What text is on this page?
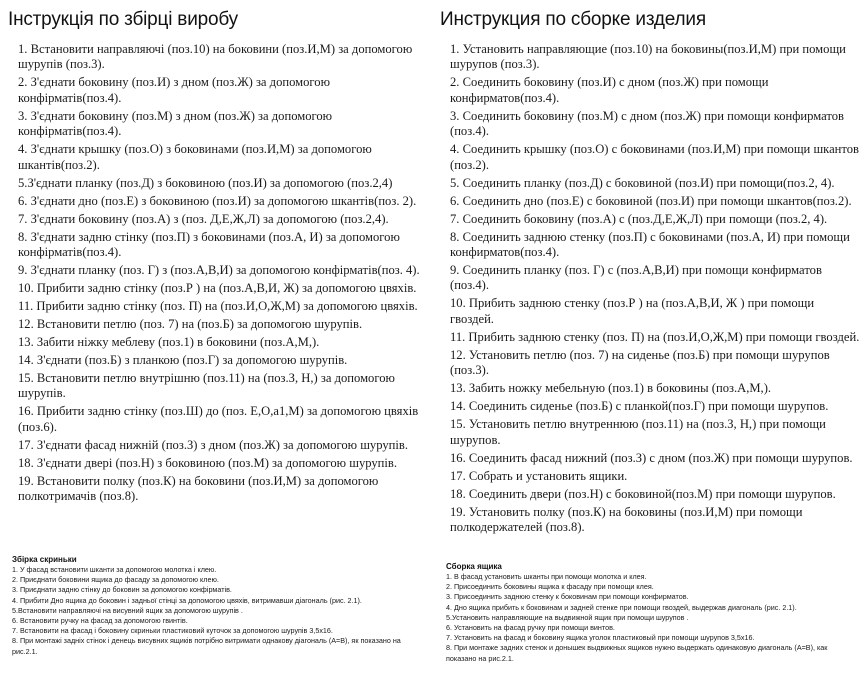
Інструкція по збірці виробу
1. Встановити направляючі (поз.10) на боковини (поз.И,М) за допомогою шурупів (поз.3).
2. З'єднати боковину (поз.И) з дном (поз.Ж) за допомогою конфірматів(поз.4).
3. З'єднати боковину (поз.М) з дном (поз.Ж) за допомогою конфірматів(поз.4).
4. З'єднати крышку (поз.О) з боковинами (поз.И,М) за допомогою шкантів(поз.2).
5.З'єднати планку (поз.Д) з боковиною (поз.И) за допомогою (поз.2,4)
6. З'єднати дно (поз.Е) з боковиною (поз.И) за допомогою шкантів(поз. 2).
7. З'єднати боковину (поз.А) з (поз. Д,Е,Ж,Л) за допомогою (поз.2,4).
8. З'єднати задню стінку (поз.П) з боковинами (поз.А, И) за допомогою конфірматів(поз.4).
9. З'єднати планку (поз. Г) з (поз.А,В,И) за допомогою конфірматів(поз. 4).
10. Прибити задню стінку (поз.Р ) на (поз.А,В,И, Ж) за допомогою цвяхів.
11. Прибити задню стінку (поз. П) на (поз.И,О,Ж,М) за допомогою цвяхів.
12. Встановити петлю (поз. 7) на (поз.Б) за допомогою шурупів.
13. Забити ніжку меблеву (поз.1) в боковини (поз.А,М,).
14. З'єднати (поз.Б) з планкою (поз.Г) за допомогою шурупів.
15. Встановити петлю внутрішню (поз.11) на (поз.З, Н,) за допомогою шурупів.
16. Прибити задню стінку (поз.Ш) до (поз. Е,О,а1,М) за допомогою цвяхів (поз.6).
17. З'єднати фасад нижній (поз.З) з дном (поз.Ж) за допомогою шурупів.
18. З'єднати двері (поз.Н) з боковиною (поз.М) за допомогою шурупів.
19. Встановити полку (поз.К) на боковини (поз.И,М) за допомогою полкотримачів (поз.8).
Збірка скриньки
1. У фасад встановити шканти за допомогою молотка і клею.
2. Приєднати боковини ящика до фасаду за допомогою клею.
3. Приєднати задню стінку до боковин за допомогою конфірматів.
4. Прибити Дно ящика до боковин і задньої стінці за допомогою цвяхів, витримавши діагональ (рис. 2.1).
5.Встановити направляючі на висувний ящик за допомогою шурупів .
6. Встановити ручку на фасад за допомогою гвинтів.
7. Встановити на фасад і боковину скриньки пластиковий куточок за допомогою шурупів 3,5x16.
8. При монтажі задніх стінок і денець висувних ящиків потрібно витримати однакову діагональ (А=В), як показано на рис.2.1.
Инструкция по сборке изделия
1. Установить направляющие (поз.10) на боковины(поз.И,М) при помощи шурупов (поз.3).
2. Соединить боковину (поз.И) с дном (поз.Ж) при помощи конфирматов(поз.4).
3. Соединить боковину (поз.М) с дном (поз.Ж) при помощи конфирматов (поз.4).
4. Соединить крышку (поз.О) с боковинами (поз.И,М) при помощи шкантов (поз.2).
5. Соединить планку (поз.Д) с боковиной (поз.И) при помощи(поз.2, 4).
6. Соединить дно (поз.Е) с боковиной (поз.И) при помощи шкантов(поз.2).
7. Соединить боковину (поз.А) с (поз.Д,Е,Ж,Л) при помощи (поз.2, 4).
8. Соединить заднюю стенку (поз.П) с боковинами (поз.А, И) при помощи конфирматов(поз.4).
9. Соединить планку (поз. Г) с (поз.А,В,И) при помощи конфирматов (поз.4).
10. Прибить заднюю стенку (поз.Р ) на (поз.А,В,И, Ж ) при помощи гвоздей.
11. Прибить заднюю стенку (поз. П) на (поз.И,О,Ж,М) при помощи гвоздей.
12. Установить петлю (поз. 7) на сиденье (поз.Б) при помощи шурупов (поз.3).
13. Забить ножку мебельную (поз.1) в боковины (поз.А,М,).
14. Соединить сиденье (поз.Б) с планкой(поз.Г) при помощи шурупов.
15. Установить петлю внутреннюю (поз.11) на (поз.З, Н,) при помощи шурупов.
16. Соединить фасад нижний (поз.З) с дном (поз.Ж) при помощи шурупов.
17. Собрать и установить ящики.
18. Соединить двери (поз.Н) с боковиной(поз.М) при помощи шурупов.
19. Установить полку (поз.К) на боковины (поз.И,М) при помощи полкодержателей (поз.8).
Сборка ящика
1. В фасад установить шканты при помощи молотка и клея.
2. Присоединить боковины ящика к фасаду при помощи клея.
3. Присоединить заднюю стенку к боковинам при помощи конфирматов.
4. Дно ящика прибить к боковинам и задней стенке при помощи гвоздей, выдержав диагональ (рис. 2.1).
5.Установить направляющие на выдвижной ящик при помощи шурупов .
6. Установить на фасад ручку при помощи винтов.
7. Установить на фасад и боковину ящика уголок пластиковый при помощи шурупов 3,5x16.
8. При монтаже задних стенок и донышек выдвижных ящиков нужно выдержать одинаковую диагональ (А=В), как показано на рис.2.1.
